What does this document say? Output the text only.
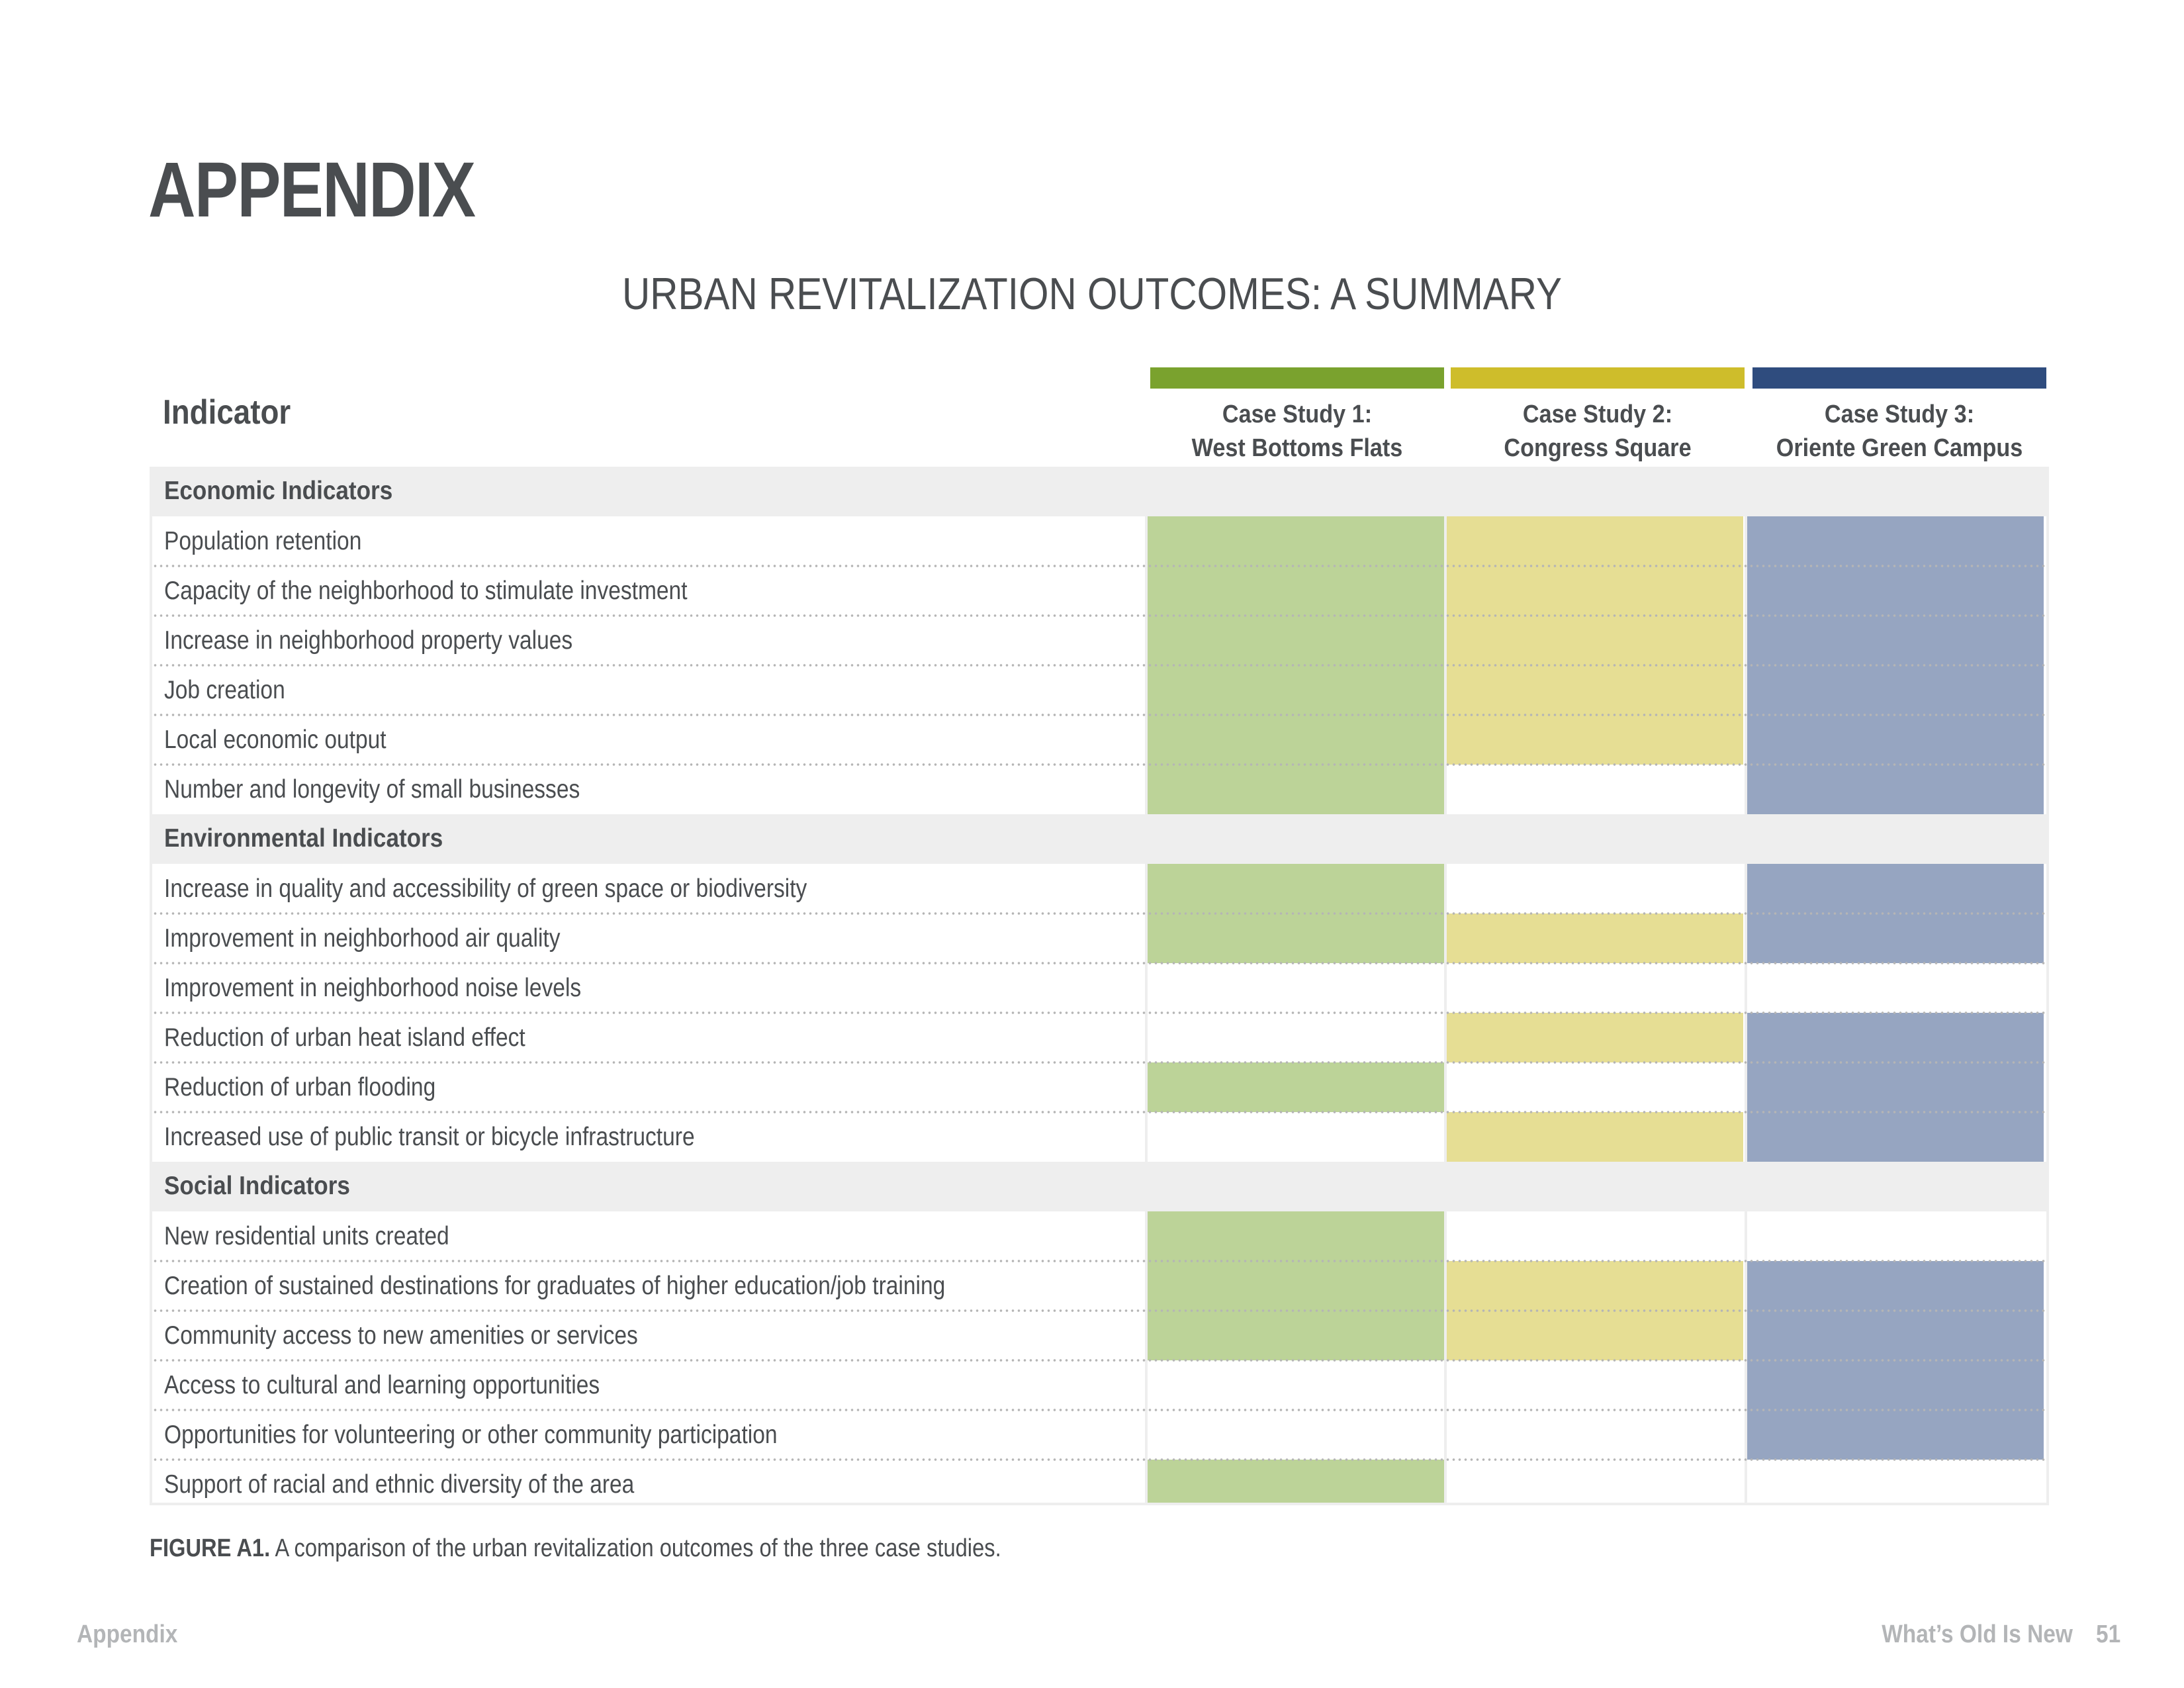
APPENDIX
URBAN REVITALIZATION OUTCOMES: A SUMMARY
Indicator	Case Study 1:
West Bottoms Flats
Case Study 2:
Congress Square
Case Study 3:
Oriente Green Campus
Economic Indicators
Population retention
Capacity of the neighborhood to stimulate investment
Increase in neighborhood property values
Job creation
Local economic output
Number and longevity of small businesses
Environmental Indicators
Increase in quality and accessibility of green space or biodiversity
Improvement in neighborhood air quality
Improvement in neighborhood noise levels
Reduction of urban heat island effect
Reduction of urban flooding
Increased use of public transit or bicycle infrastructure
Social Indicators
New residential units created
Creation of sustained destinations for graduates of higher education/job training
Community access to new amenities or services
Access to cultural and learning opportunities
Opportunities for volunteering or other community participation
Support of racial and ethnic diversity of the area
FIGURE A1. A comparison of the urban revitalization outcomes of the three case studies.
Appendix	What’s Old Is New 51
